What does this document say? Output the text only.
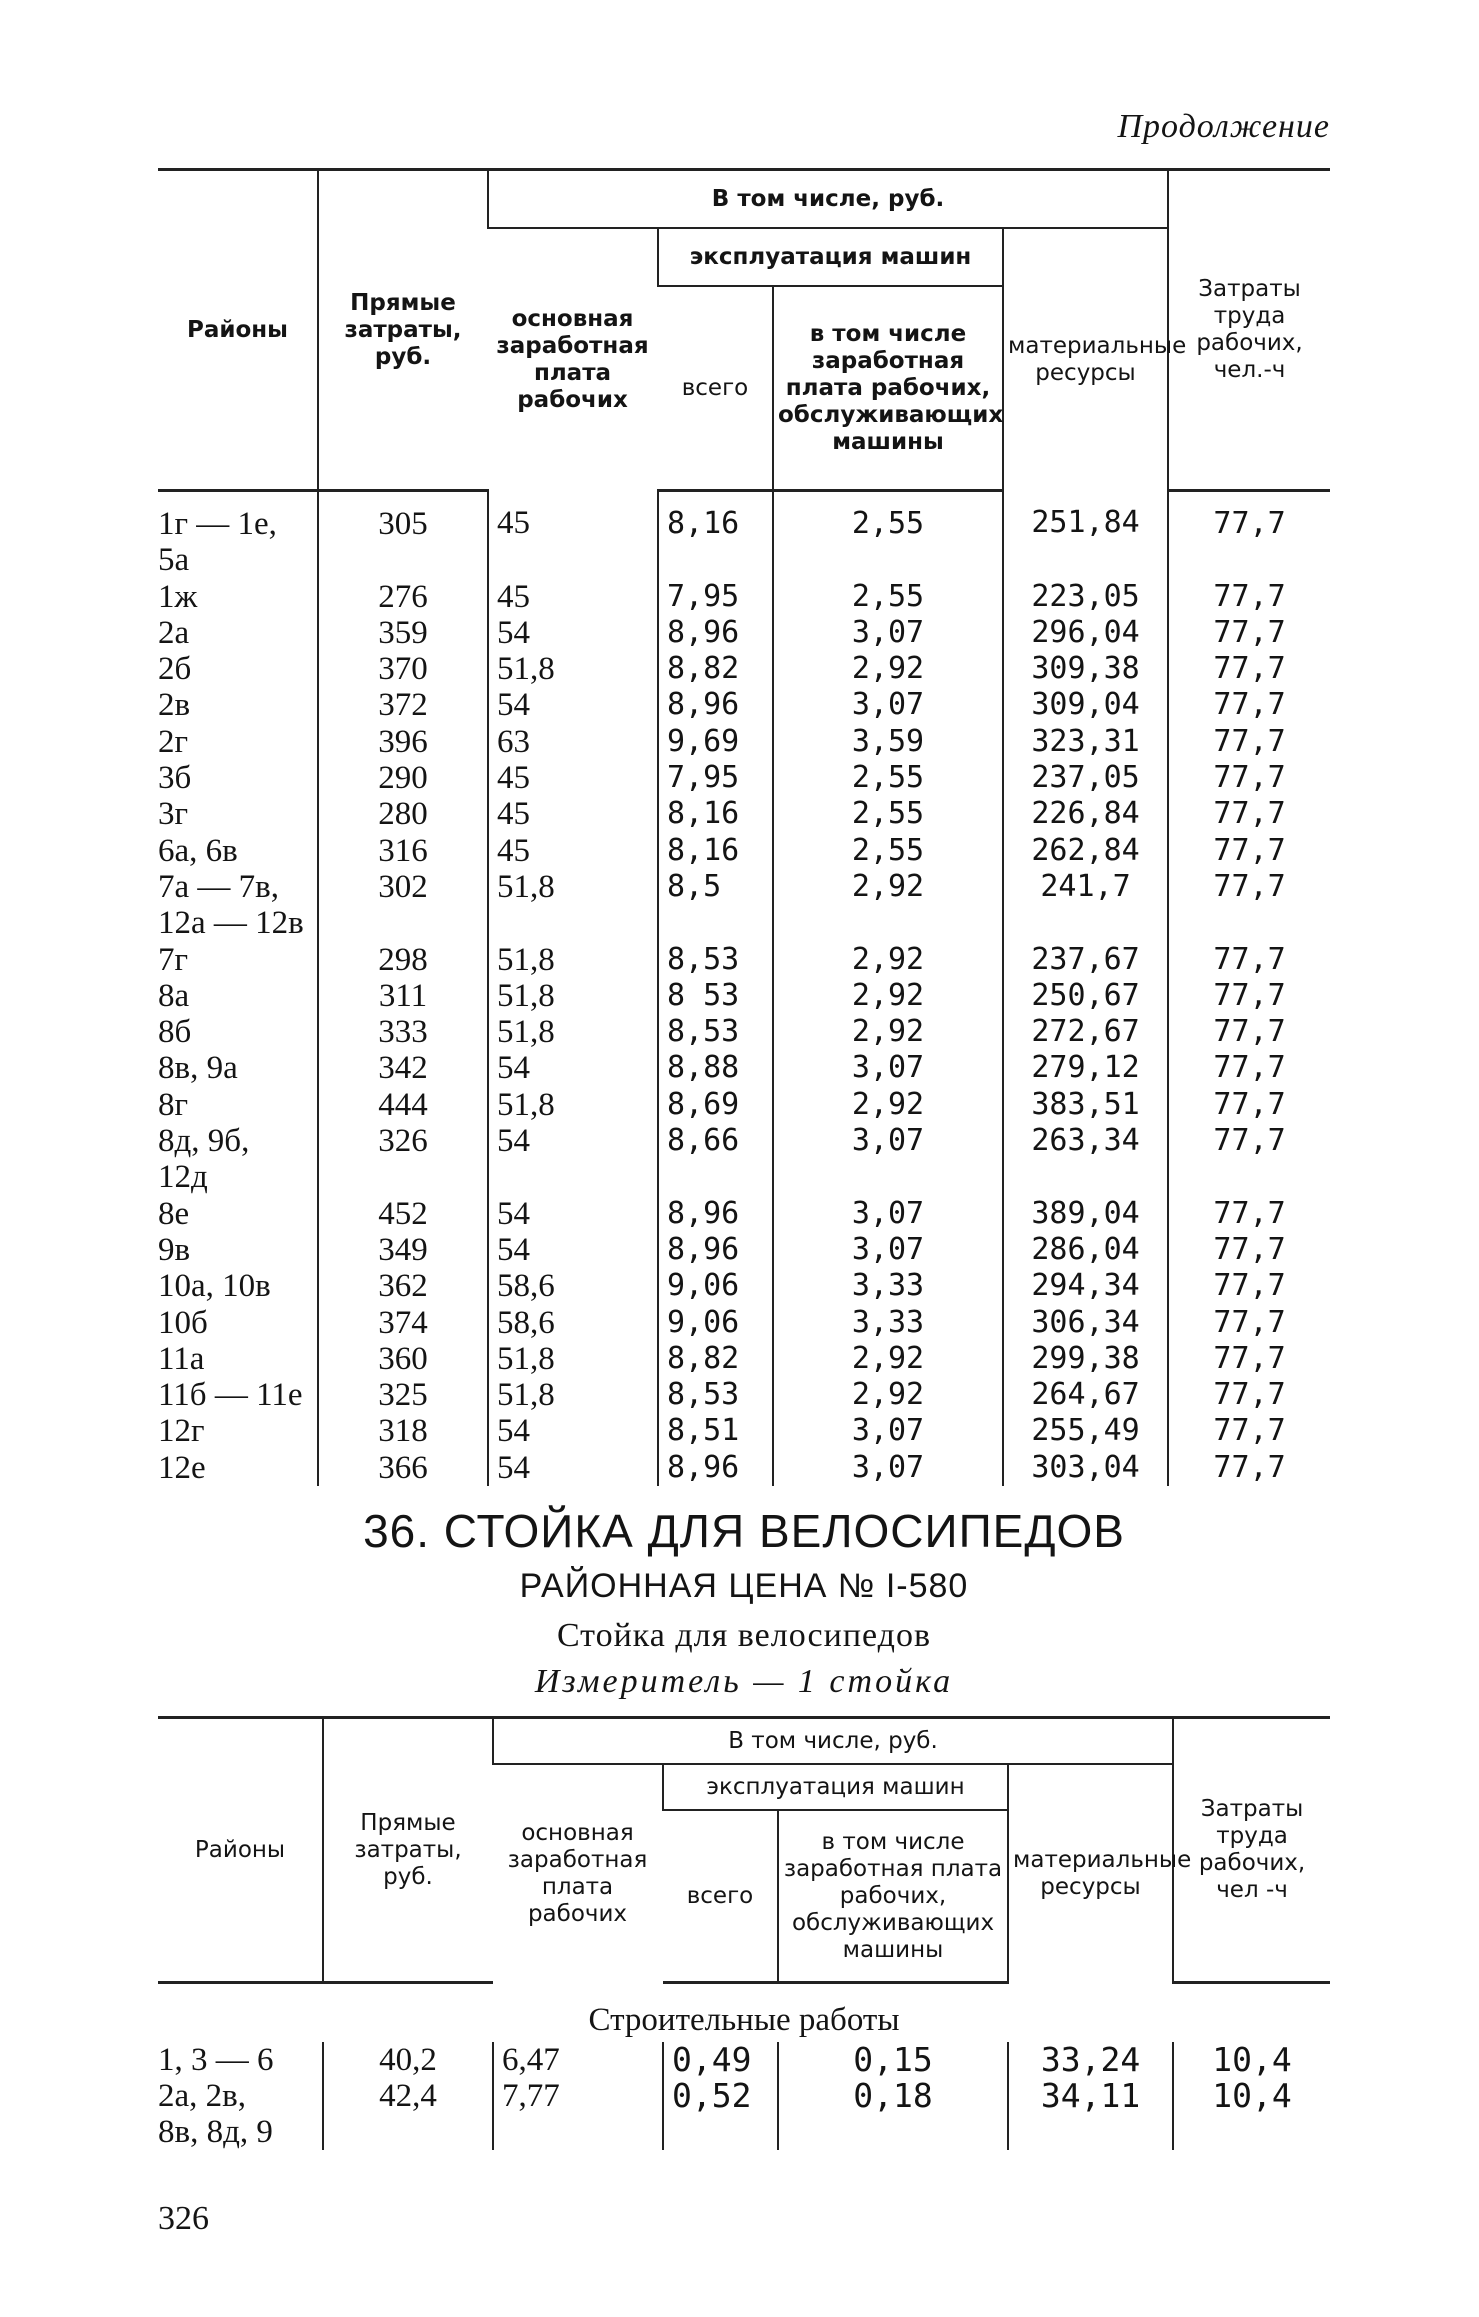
Продолжение
Районы	Прямые затраты, руб.	В том числе, руб.				Затраты труда рабочих, чел.-ч
		основная заработная плата рабочих	эксплуатация машин		материальные ресурсы	
			всего	в том числе заработная плата рабочих, обслуживающих машины		
1г — 1е,
5а	305	45	8,16	2,55	251,84	77,7
1ж	276	45	7,95	2,55	223,05	77,7
2а	359	54	8,96	3,07	296,04	77,7
2б	370	51,8	8,82	2,92	309,38	77,7
2в	372	54	8,96	3,07	309,04	77,7
2г	396	63	9,69	3,59	323,31	77,7
3б	290	45	7,95	2,55	237,05	77,7
3г	280	45	8,16	2,55	226,84	77,7
6а, 6в	316	45	8,16	2,55	262,84	77,7
7а — 7в,
12а — 12в	302	51,8	8,5	2,92	241,7	77,7
7г	298	51,8	8,53	2,92	237,67	77,7
8а	311	51,8	8 53	2,92	250,67	77,7
8б	333	51,8	8,53	2,92	272,67	77,7
8в, 9а	342	54	8,88	3,07	279,12	77,7
8г	444	51,8	8,69	2,92	383,51	77,7
8д, 9б,
12д	326	54	8,66	3,07	263,34	77,7
8е	452	54	8,96	3,07	389,04	77,7
9в	349	54	8,96	3,07	286,04	77,7
10а, 10в	362	58,6	9,06	3,33	294,34	77,7
10б	374	58,6	9,06	3,33	306,34	77,7
11а	360	51,8	8,82	2,92	299,38	77,7
11б — 11е	325	51,8	8,53	2,92	264,67	77,7
12г	318	54	8,51	3,07	255,49	77,7
12е	366	54	8,96	3,07	303,04	77,7
36. СТОЙКА ДЛЯ ВЕЛОСИПЕДОВ
РАЙОННАЯ ЦЕНА № I-580
Стойка для велосипедов
Измеритель — 1 стойка
Районы	Прямые затраты, руб.	В том числе, руб.				Затраты труда рабочих, чел -ч
		основная заработная плата рабочих	эксплуатация машин		материальные ресурсы	
			всего	в том числе заработная плата рабочих, обслуживающих машины		
Строительные работы						
1, 3 — 6	40,2	6,47	0,49	0,15	33,24	10,4
2а, 2в,
8в, 8д, 9	42,4	7,77	0,52	0,18	34,11	10,4
326
